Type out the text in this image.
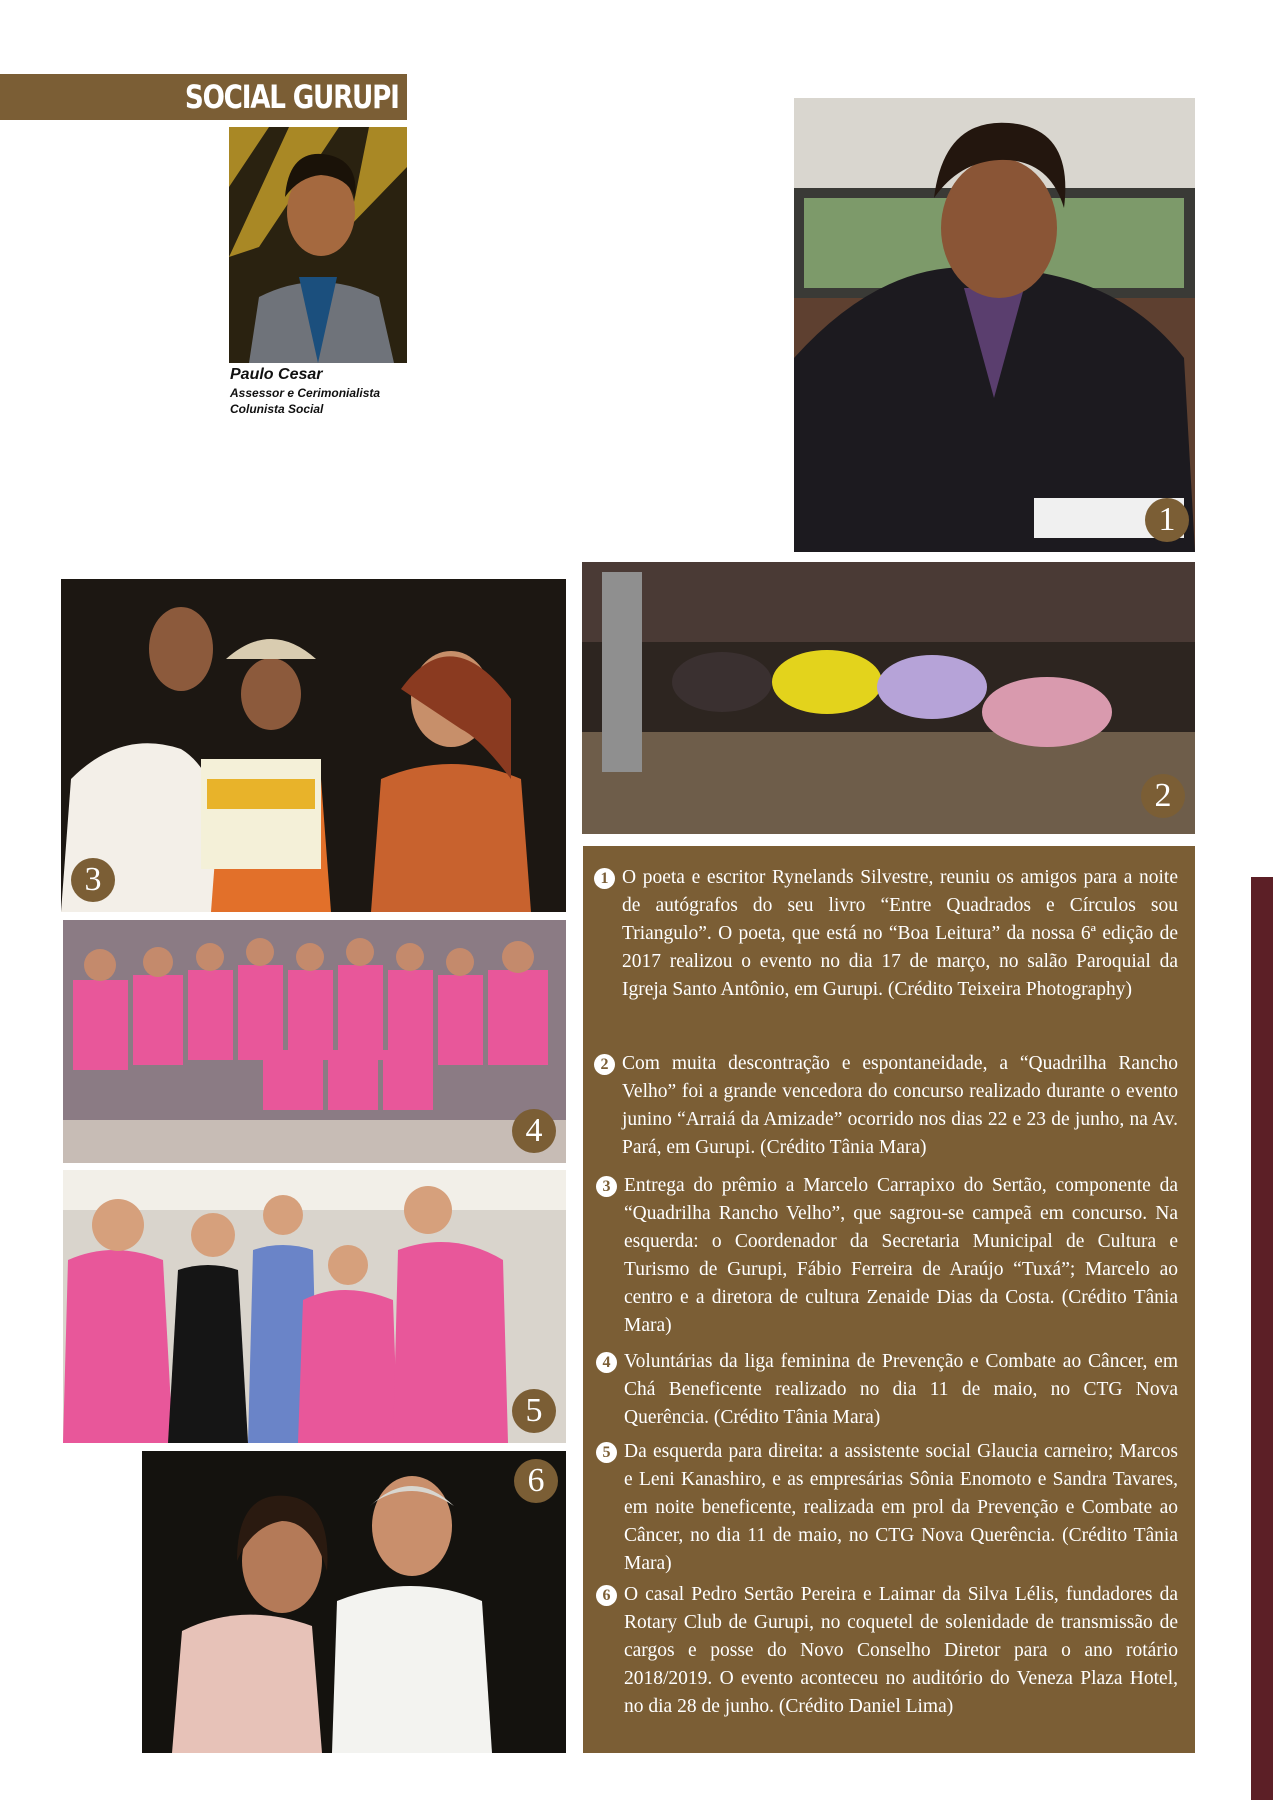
SOCIAL GURUPI
Paulo Cesar
Assessor e Cerimonialista
Colunista Social
1
2
3
4
5
6
1 O poeta e escritor Rynelands Silvestre, reuniu os amigos para a noite de autógrafos do seu livro “Entre Quadrados e Círculos sou Triangulo”. O poeta, que está no “Boa Leitura” da nossa 6ª edição de 2017 realizou o evento no dia 17 de março, no salão Paroquial da Igreja Santo Antônio, em Gurupi. (Crédito Teixeira Photography)
2 Com muita descontração e espontaneidade, a “Quadrilha Rancho Velho” foi a grande vencedora do concurso realizado durante o evento junino “Arraiá da Amizade” ocorrido nos dias 22 e 23 de junho, na Av. Pará, em Gurupi. (Crédito Tânia Mara)
3 Entrega do prêmio a Marcelo Carrapixo do Sertão, componente da “Quadrilha Rancho Velho”, que sagrou-se campeã em concurso. Na esquerda: o Coordenador da Secretaria Municipal de Cultura e Turismo de Gurupi, Fábio Ferreira de Araújo “Tuxá”; Marcelo ao centro e a diretora de cultura Zenaide Dias da Costa. (Crédito Tânia Mara)
4 Voluntárias da liga feminina de Prevenção e Combate ao Câncer, em Chá Beneficente realizado no dia 11 de maio, no CTG Nova Querência. (Crédito Tânia Mara)
5 Da esquerda para direita: a assistente social Glaucia carneiro; Marcos e Leni Kanashiro, e as empresárias Sônia Enomoto e Sandra Tavares, em noite beneficente, realizada em prol da Prevenção e Combate ao Câncer, no dia 11 de maio, no CTG Nova Querência. (Crédito Tânia Mara)
6 O casal Pedro Sertão Pereira e Laimar da Silva Lélis, fundadores da Rotary Club de Gurupi, no coquetel de solenidade de transmissão de cargos e posse do Novo Conselho Diretor para o ano rotário 2018/2019. O evento aconteceu no auditório do Veneza Plaza Hotel, no dia 28 de junho. (Crédito Daniel Lima)
